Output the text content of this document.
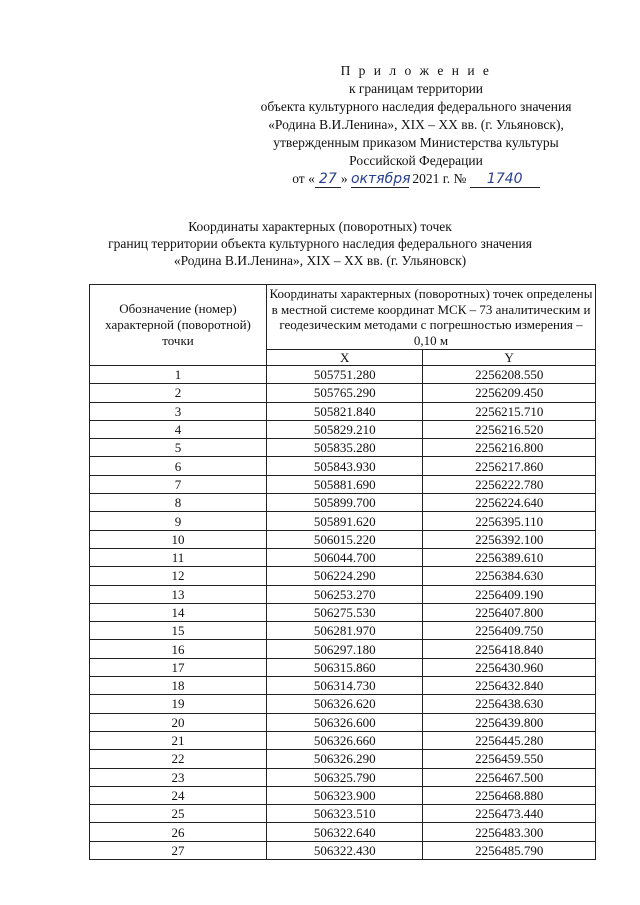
П р и л о ж е н и е
к границам территории
объекта культурного наследия федерального значения
«Родина В.И.Ленина», XIX – XX вв. (г. Ульяновск),
утвержденным приказом Министерства культуры
Российской Федерации
от « 27 » октября 2021 г. № 1740
Координаты характерных (поворотных) точек
границ территории объекта культурного наследия федерального значения
«Родина В.И.Ленина», XIX – XX вв. (г. Ульяновск)
Обозначение (номер) характерной (поворотной) точки	Координаты характерных (поворотных) точек определены в местной системе координат МСК – 73 аналитическим и геодезическим методами с погрешностью измерения – 0,10 м	
	X	Y
1	505751.280	2256208.550
2	505765.290	2256209.450
3	505821.840	2256215.710
4	505829.210	2256216.520
5	505835.280	2256216.800
6	505843.930	2256217.860
7	505881.690	2256222.780
8	505899.700	2256224.640
9	505891.620	2256395.110
10	506015.220	2256392.100
11	506044.700	2256389.610
12	506224.290	2256384.630
13	506253.270	2256409.190
14	506275.530	2256407.800
15	506281.970	2256409.750
16	506297.180	2256418.840
17	506315.860	2256430.960
18	506314.730	2256432.840
19	506326.620	2256438.630
20	506326.600	2256439.800
21	506326.660	2256445.280
22	506326.290	2256459.550
23	506325.790	2256467.500
24	506323.900	2256468.880
25	506323.510	2256473.440
26	506322.640	2256483.300
27	506322.430	2256485.790
